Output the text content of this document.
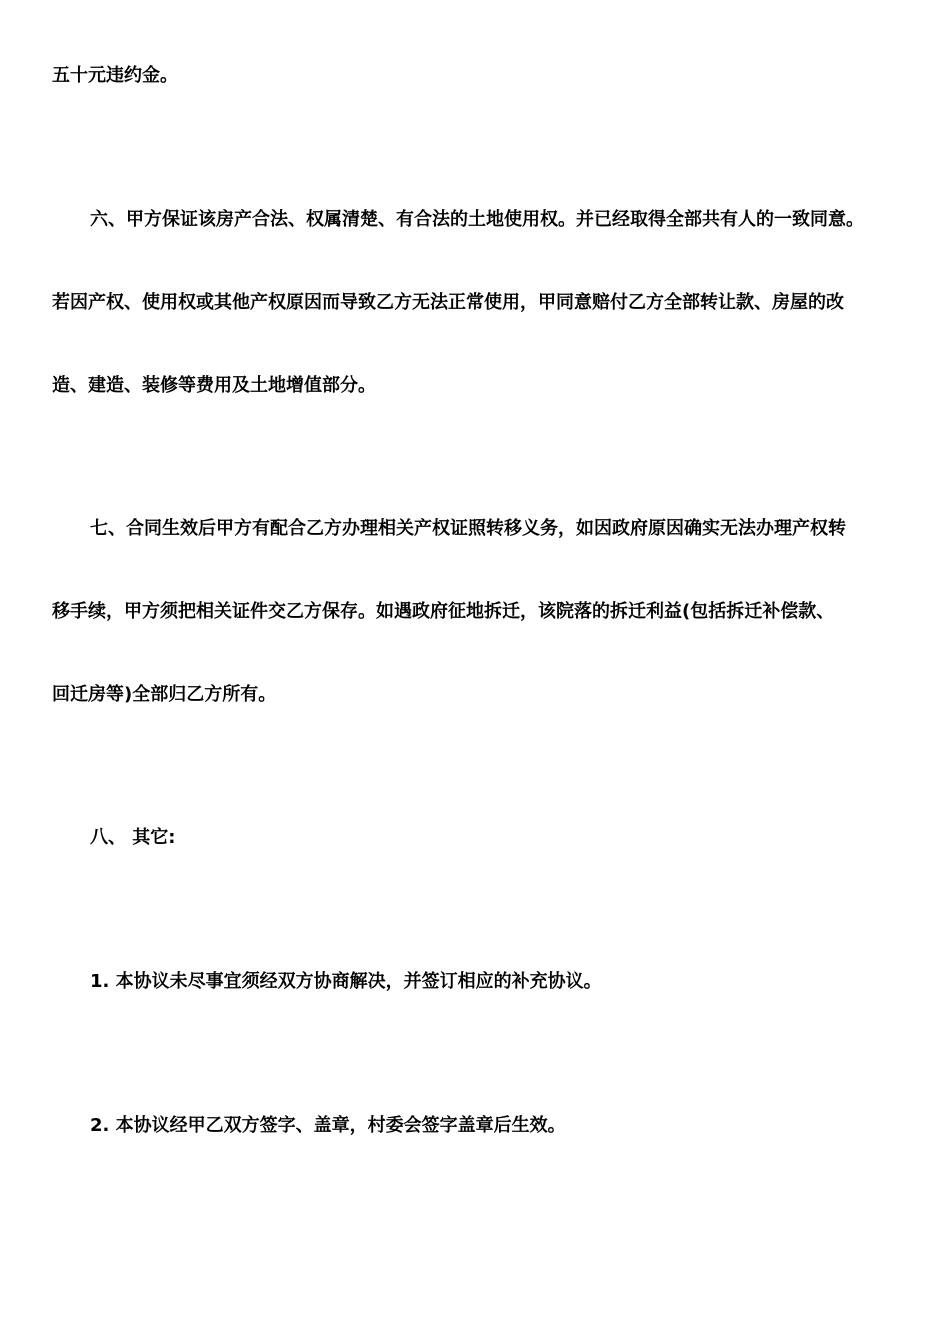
五十元违约金。
六、甲方保证该房产合法、权属清楚、有合法的土地使用权。并已经取得全部共有人的一致同意。
若因产权、使用权或其他产权原因而导致乙方无法正常使用，甲同意赔付乙方全部转让款、房屋的改
造、建造、装修等费用及土地增值部分。
七、合同生效后甲方有配合乙方办理相关产权证照转移义务，如因政府原因确实无法办理产权转
移手续，甲方须把相关证件交乙方保存。如遇政府征地拆迁，该院落的拆迁利益(包括拆迁补偿款、
回迁房等)全部归乙方所有。
八、 其它:
1. 本协议未尽事宜须经双方协商解决，并签订相应的补充协议。
2. 本协议经甲乙双方签字、盖章，村委会签字盖章后生效。
